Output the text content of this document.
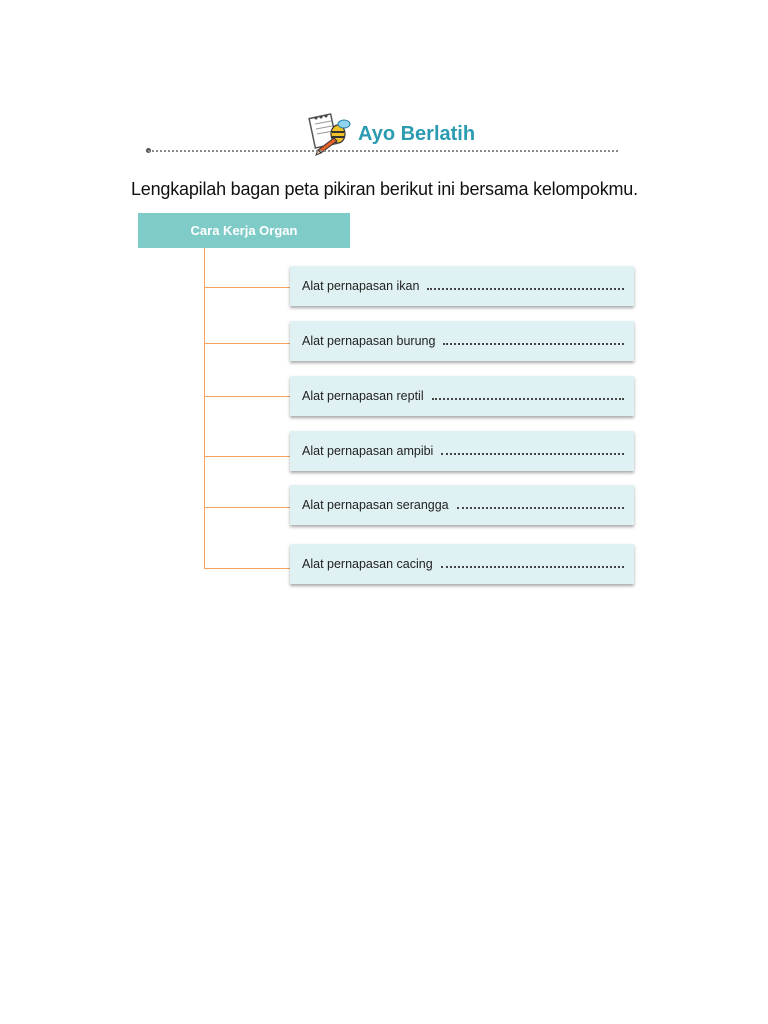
Ayo Berlatih
Lengkapilah bagan peta pikiran berikut ini bersama kelompokmu.
Cara Kerja Organ
Alat pernapasan ikan
Alat pernapasan burung
Alat pernapasan reptil
Alat pernapasan ampibi
Alat pernapasan serangga
Alat pernapasan cacing
